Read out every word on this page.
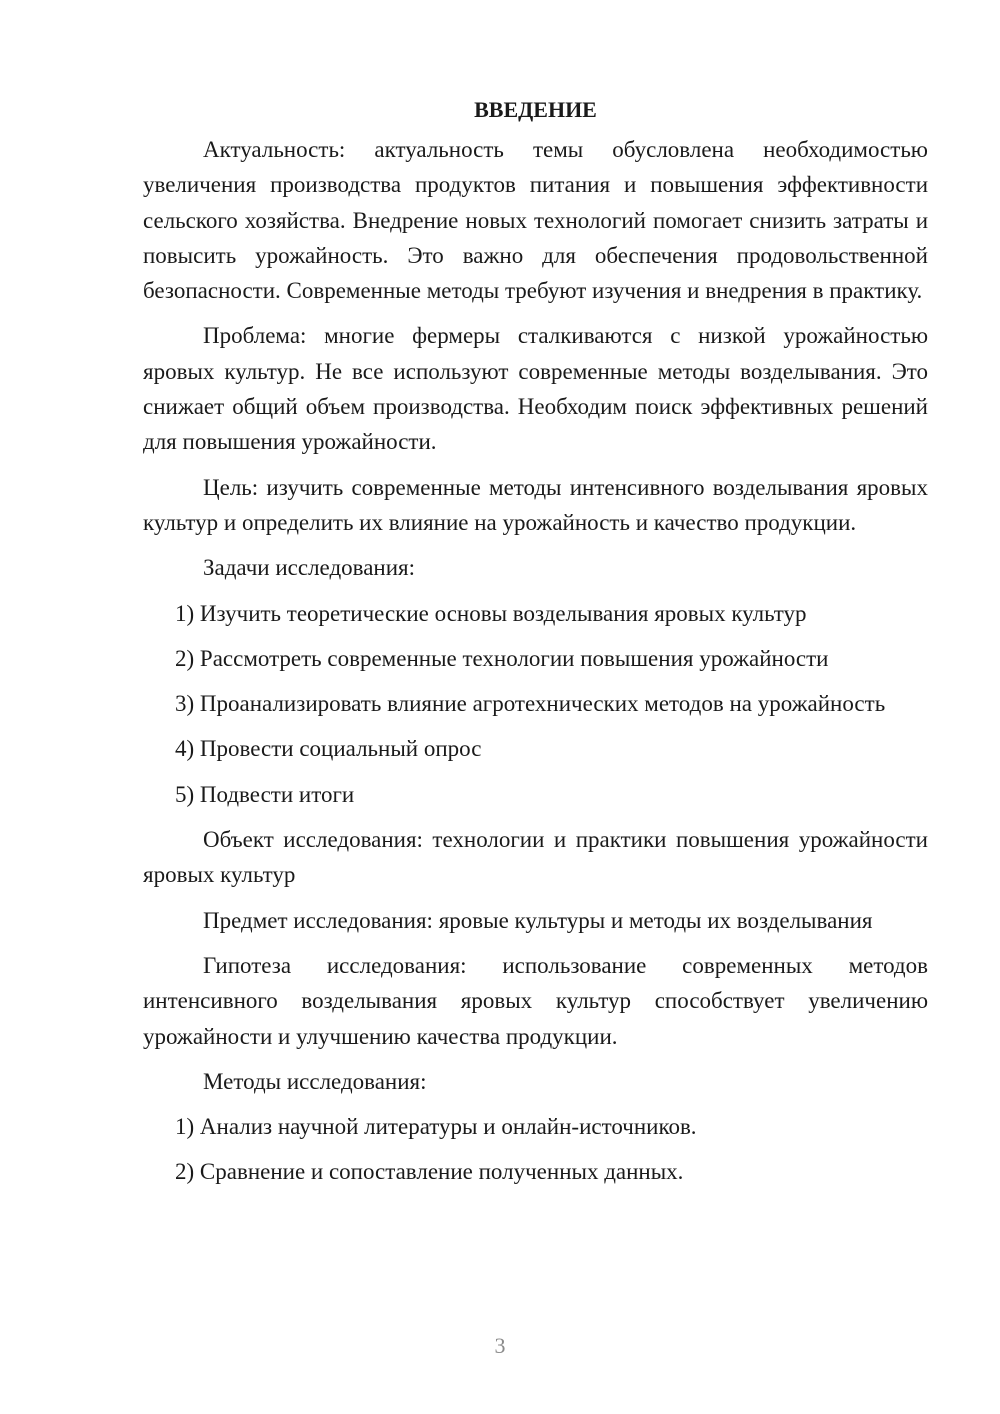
ВВЕДЕНИЕ

Актуальность: актуальность темы обусловлена необходимостью увеличения производства продуктов питания и повышения эффективности сельского хозяйства. Внедрение новых технологий помогает снизить затраты и повысить урожайность. Это важно для обеспечения продовольственной безопасности. Современные методы требуют изучения и внедрения в практику.

Проблема: многие фермеры сталкиваются с низкой урожайностью яровых культур. Не все используют современные методы возделывания. Это снижает общий объем производства. Необходим поиск эффективных решений для повышения урожайности.

Цель: изучить современные методы интенсивного возделывания яровых культур и определить их влияние на урожайность и качество продукции.

Задачи исследования:

1) Изучить теоретические основы возделывания яровых культур

2) Рассмотреть современные технологии повышения урожайности

3) Проанализировать влияние агротехнических методов на урожайность

4) Провести социальный опрос

5) Подвести итоги

Объект исследования: технологии и практики повышения урожайности яровых культур

Предмет исследования: яровые культуры и методы их возделывания

Гипотеза исследования: использование современных методов интенсивного возделывания яровых культур способствует увеличению урожайности и улучшению качества продукции.

Методы исследования:

1) Анализ научной литературы и онлайн-источников.

2) Сравнение и сопоставление полученных данных.

3
